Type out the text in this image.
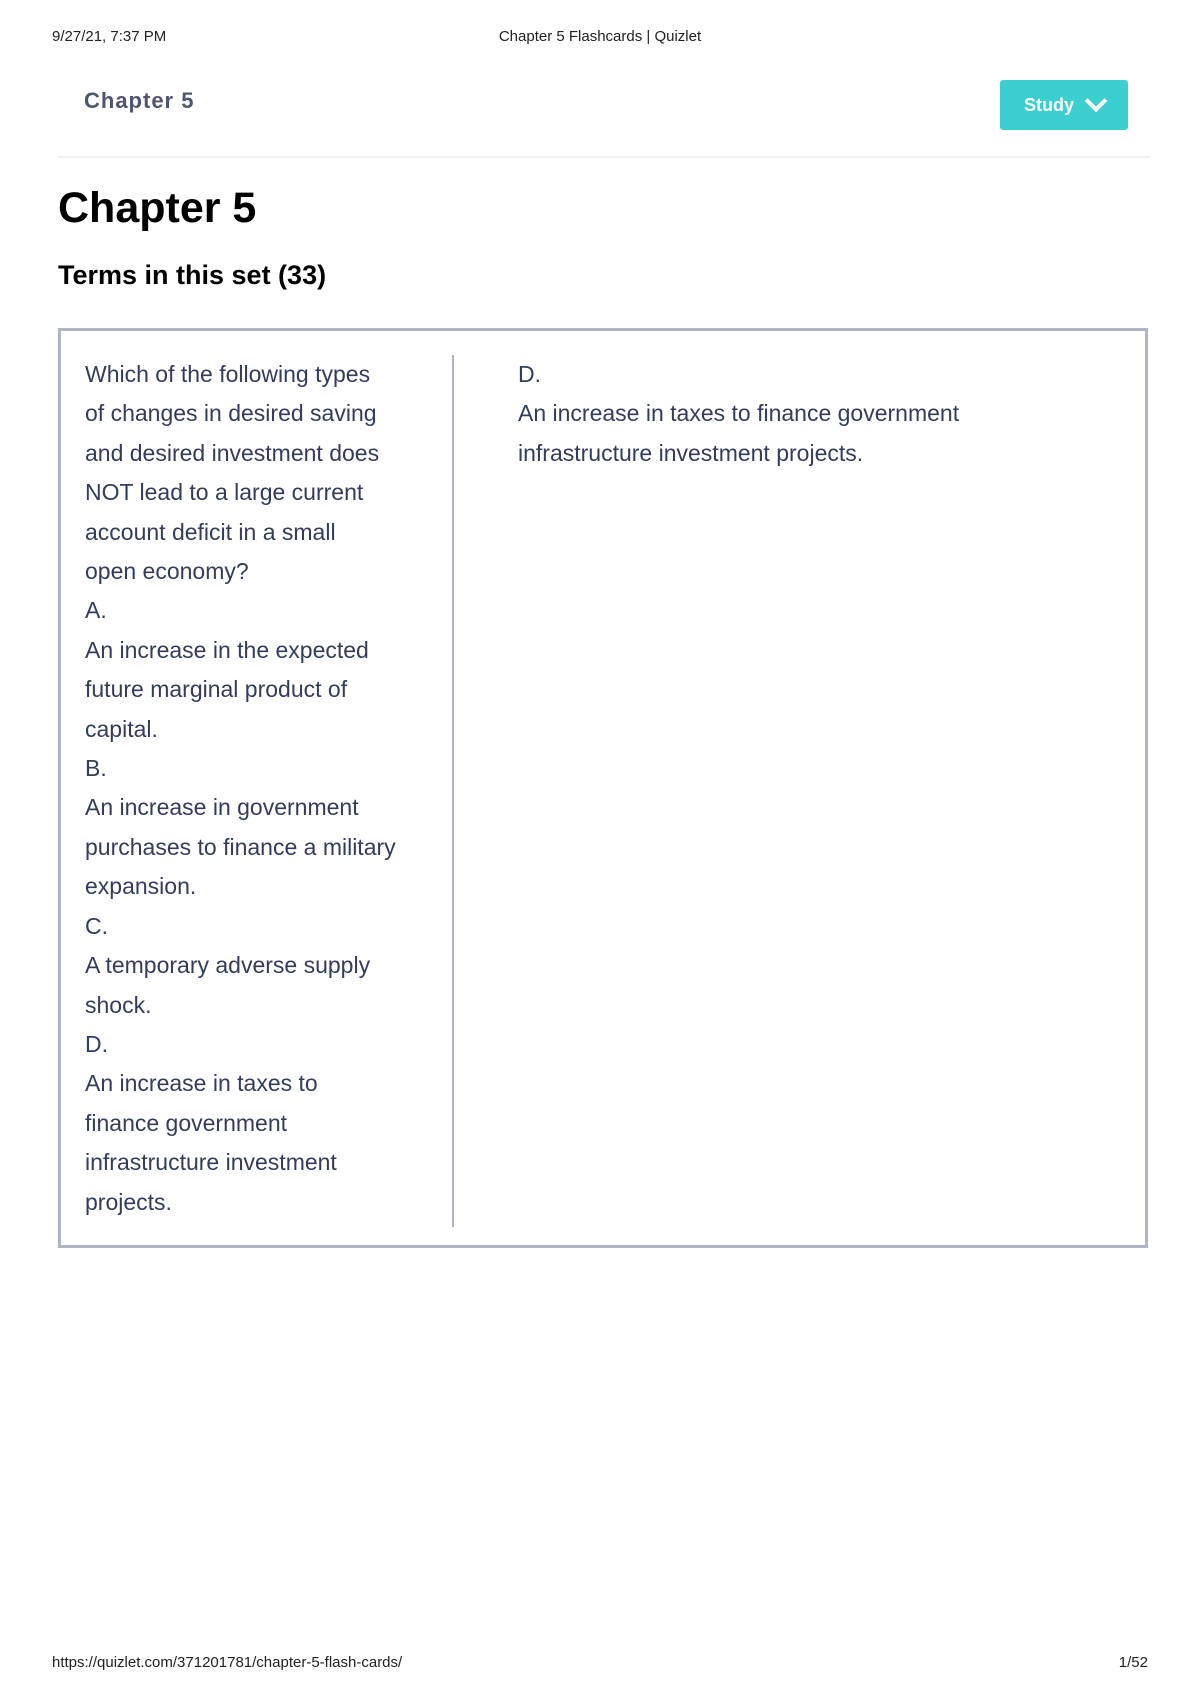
9/27/21, 7:37 PM	Chapter 5 Flashcards | Quizlet
Chapter 5	Study
Chapter 5
Terms in this set (33)
Which of the following types
of changes in desired saving
and desired investment does
NOT lead to a large current
account deficit in a small
open economy?
A.
An increase in the expected
future marginal product of
capital.
B.
An increase in government
purchases to finance a military
expansion.
C.
A temporary adverse supply
shock.
D.
An increase in taxes to
finance government
infrastructure investment
projects.
D.
An increase in taxes to finance government
infrastructure investment projects.
https://quizlet.com/371201781/chapter-5-flash-cards/	1/52
